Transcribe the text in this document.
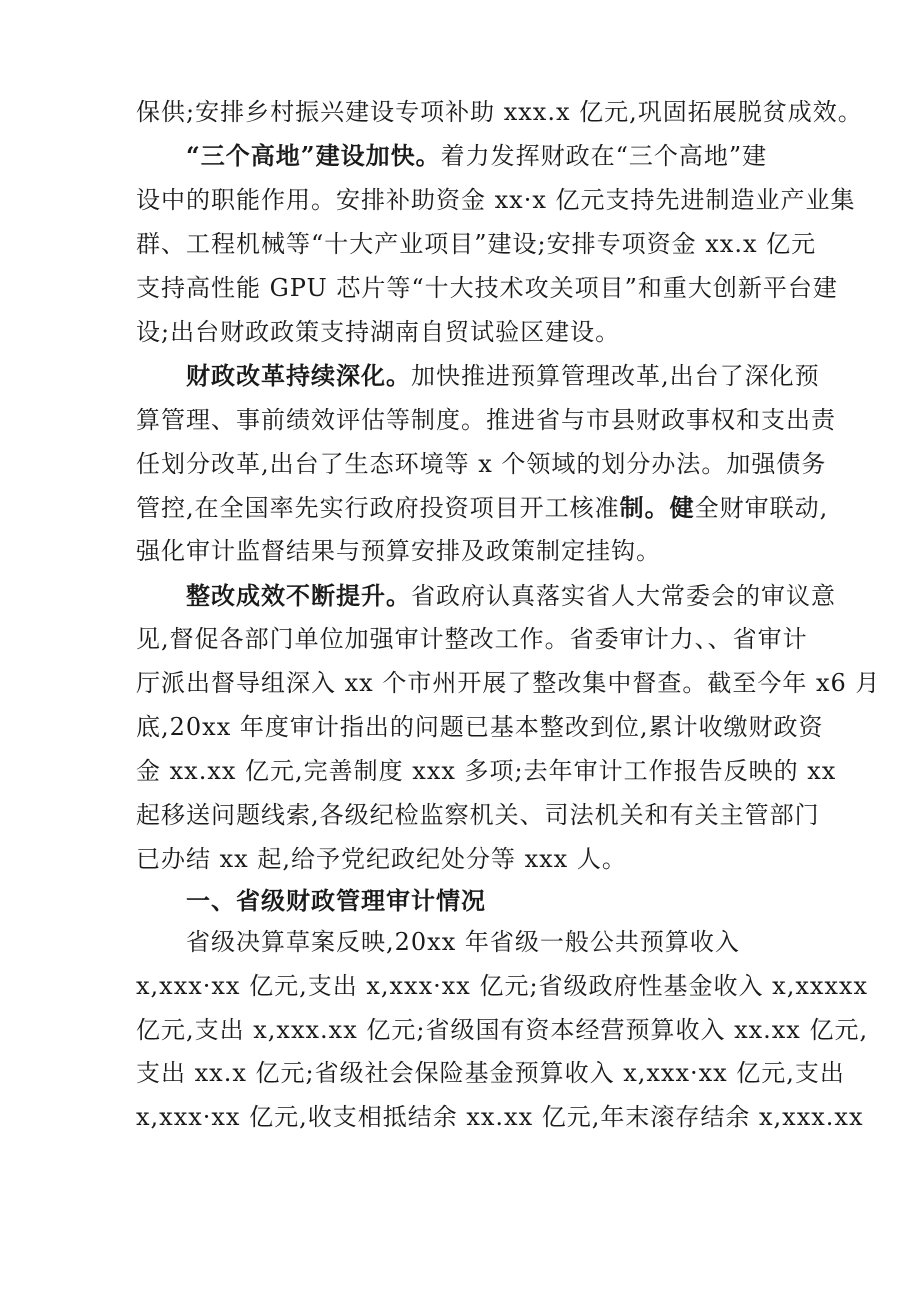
保供;安排乡村振兴建设专项补助 xxx.x 亿元,巩固拓展脱贫成效。
“三个高地”建设加快。着力发挥财政在“三个高地”建
设中的职能作用。安排补助资金 xx·x 亿元支持先进制造业产业集
群、工程机械等“十大产业项目”建设;安排专项资金 xx.x 亿元
支持高性能 GPU 芯片等“十大技术攻关项目”和重大创新平台建
设;出台财政政策支持湖南自贸试验区建设。
财政改革持续深化。加快推进预算管理改革,出台了深化预
算管理、事前绩效评估等制度。推进省与市县财政事权和支出责
任划分改革,出台了生态环境等 x 个领域的划分办法。加强债务
管控,在全国率先实行政府投资项目开工核准制。健全财审联动,
强化审计监督结果与预算安排及政策制定挂钩。
整改成效不断提升。省政府认真落实省人大常委会的审议意
见,督促各部门单位加强审计整改工作。省委审计力、、省审计
厅派出督导组深入 xx 个市州开展了整改集中督查。截至今年 x6 月
底,20xx 年度审计指出的问题已基本整改到位,累计收缴财政资
金 xx.xx 亿元,完善制度 xxx 多项;去年审计工作报告反映的 xx
起移送问题线索,各级纪检监察机关、司法机关和有关主管部门
已办结 xx 起,给予党纪政纪处分等 xxx 人。
一、省级财政管理审计情况
省级决算草案反映,20xx 年省级一般公共预算收入
x,xxx·xx 亿元,支出 x,xxx·xx 亿元;省级政府性基金收入 x,xxxxx
亿元,支出 x,xxx.xx 亿元;省级国有资本经营预算收入 xx.xx 亿元,
支出 xx.x 亿元;省级社会保险基金预算收入 x,xxx·xx 亿元,支出
x,xxx·xx 亿元,收支相抵结余 xx.xx 亿元,年末滚存结余 x,xxx.xx
